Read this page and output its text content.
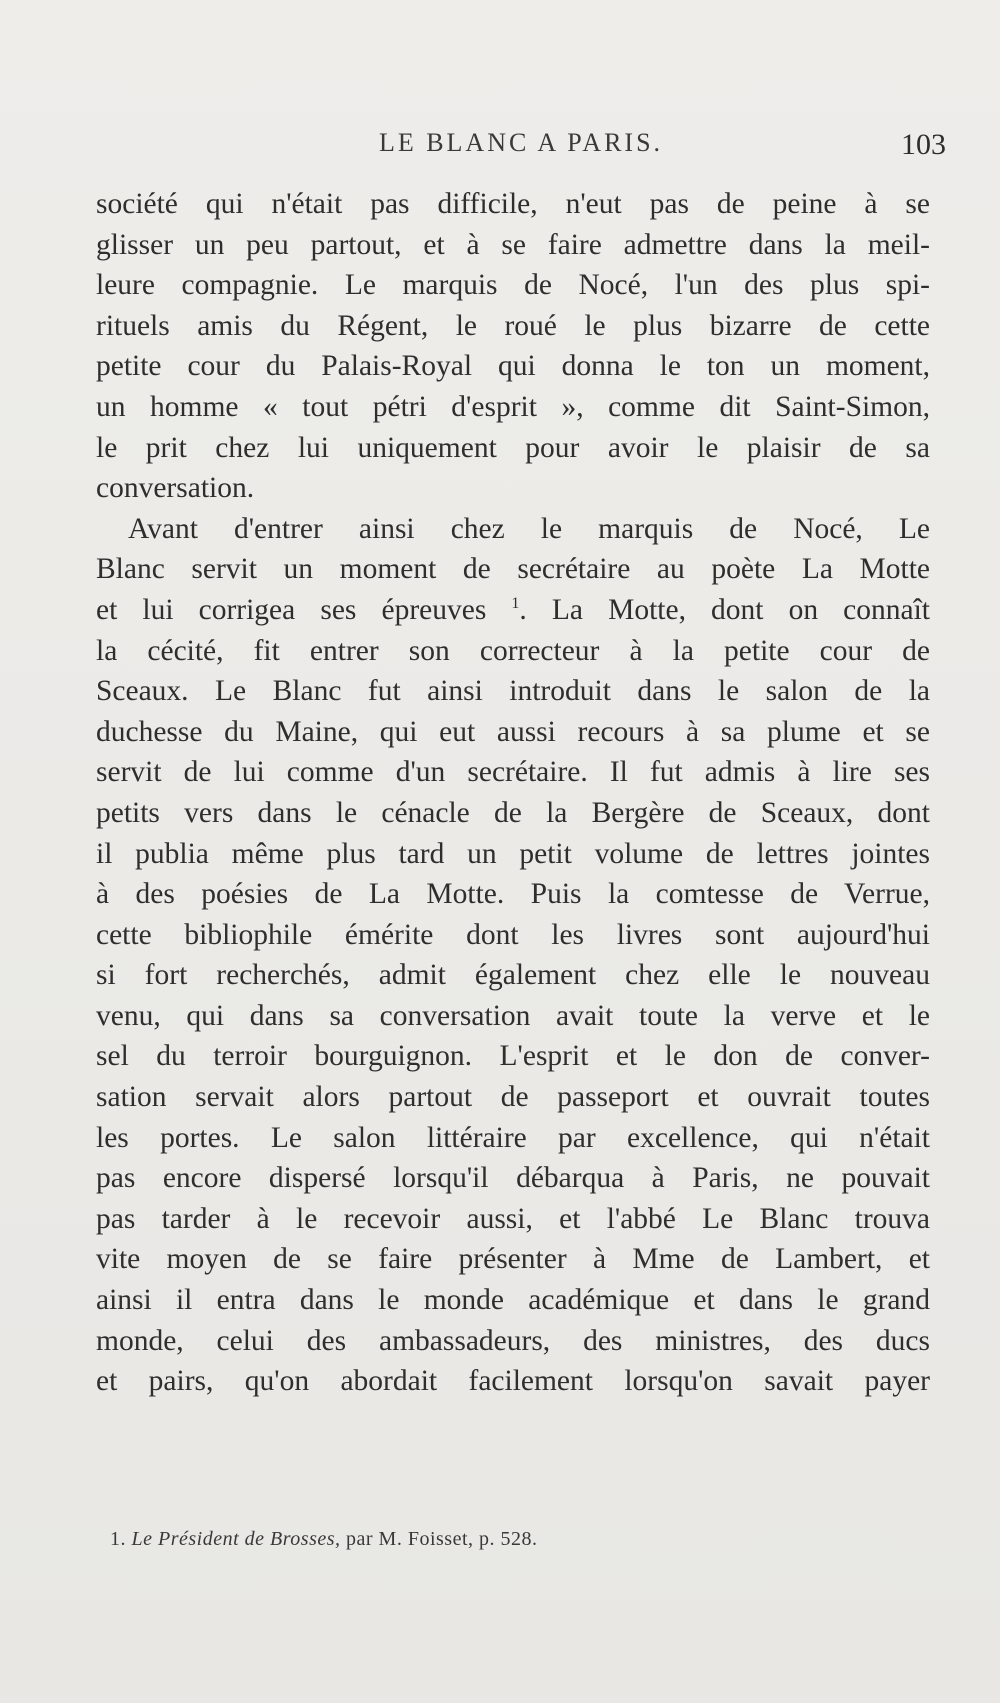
LE BLANC A PARIS.	103

société qui n'était pas difficile, n'eut pas de peine à se
glisser un peu partout, et à se faire admettre dans la meil-
leure compagnie. Le marquis de Nocé, l'un des plus spi-
rituels amis du Régent, le roué le plus bizarre de cette
petite cour du Palais-Royal qui donna le ton un moment,
un homme « tout pétri d'esprit », comme dit Saint-Simon,
le prit chez lui uniquement pour avoir le plaisir de sa
conversation.

Avant d'entrer ainsi chez le marquis de Nocé, Le
Blanc servit un moment de secrétaire au poète La Motte
et lui corrigea ses épreuves $^1$. La Motte, dont on connaît
la cécité, fit entrer son correcteur à la petite cour de
Sceaux. Le Blanc fut ainsi introduit dans le salon de la
duchesse du Maine, qui eut aussi recours à sa plume et se
servit de lui comme d'un secrétaire. Il fut admis à lire ses
petits vers dans le cénacle de la Bergère de Sceaux, dont
il publia même plus tard un petit volume de lettres jointes
à des poésies de La Motte. Puis la comtesse de Verrue,
cette bibliophile émérite dont les livres sont aujourd'hui
si fort recherchés, admit également chez elle le nouveau
venu, qui dans sa conversation avait toute la verve et le
sel du terroir bourguignon. L'esprit et le don de conver-
sation servait alors partout de passeport et ouvrait toutes
les portes. Le salon littéraire par excellence, qui n'était
pas encore dispersé lorsqu'il débarqua à Paris, ne pouvait
pas tarder à le recevoir aussi, et l'abbé Le Blanc trouva
vite moyen de se faire présenter à Mme de Lambert, et
ainsi il entra dans le monde académique et dans le grand
monde, celui des ambassadeurs, des ministres, des ducs
et pairs, qu'on abordait facilement lorsqu'on savait payer

1. Le Président de Brosses, par M. Foisset, p. 528.
